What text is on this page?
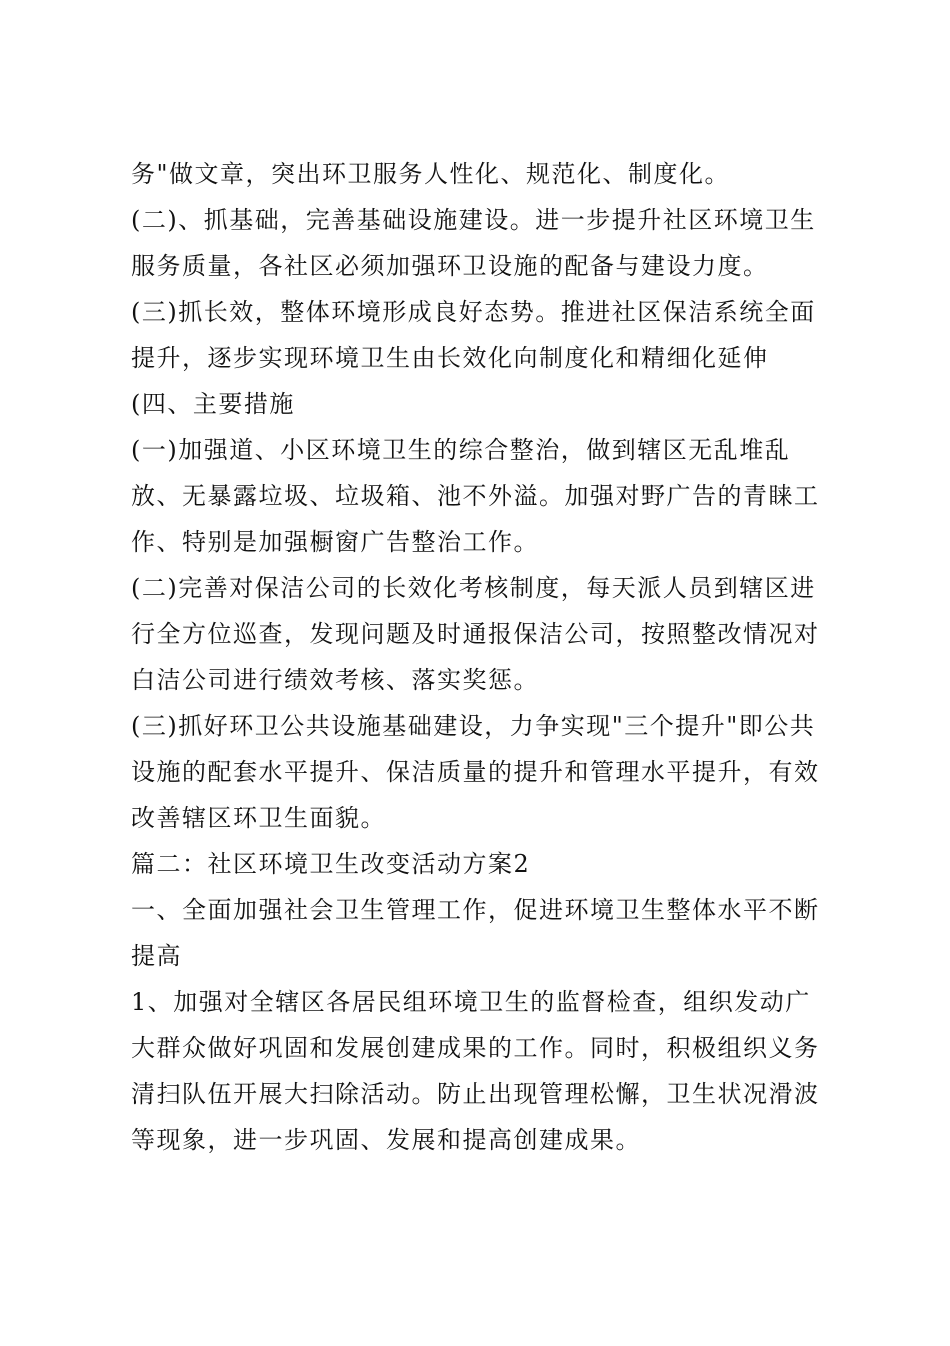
务"做文章，突出环卫服务人性化、规范化、制度化。
(二)、抓基础，完善基础设施建设。进一步提升社区环境卫生
服务质量，各社区必须加强环卫设施的配备与建设力度。
(三)抓长效，整体环境形成良好态势。推进社区保洁系统全面
提升，逐步实现环境卫生由长效化向制度化和精细化延伸
(四、主要措施
(一)加强道、小区环境卫生的综合整治，做到辖区无乱堆乱
放、无暴露垃圾、垃圾箱、池不外溢。加强对野广告的青睐工
作、特别是加强橱窗广告整治工作。
(二)完善对保洁公司的长效化考核制度，每天派人员到辖区进
行全方位巡查，发现问题及时通报保洁公司，按照整改情况对
白洁公司进行绩效考核、落实奖惩。
(三)抓好环卫公共设施基础建设，力争实现"三个提升"即公共
设施的配套水平提升、保洁质量的提升和管理水平提升，有效
改善辖区环卫生面貌。
篇二：社区环境卫生改变活动方案2
一、全面加强社会卫生管理工作，促进环境卫生整体水平不断
提高
1、加强对全辖区各居民组环境卫生的监督检查，组织发动广
大群众做好巩固和发展创建成果的工作。同时，积极组织义务
清扫队伍开展大扫除活动。防止出现管理松懈，卫生状况滑波
等现象，进一步巩固、发展和提高创建成果。
